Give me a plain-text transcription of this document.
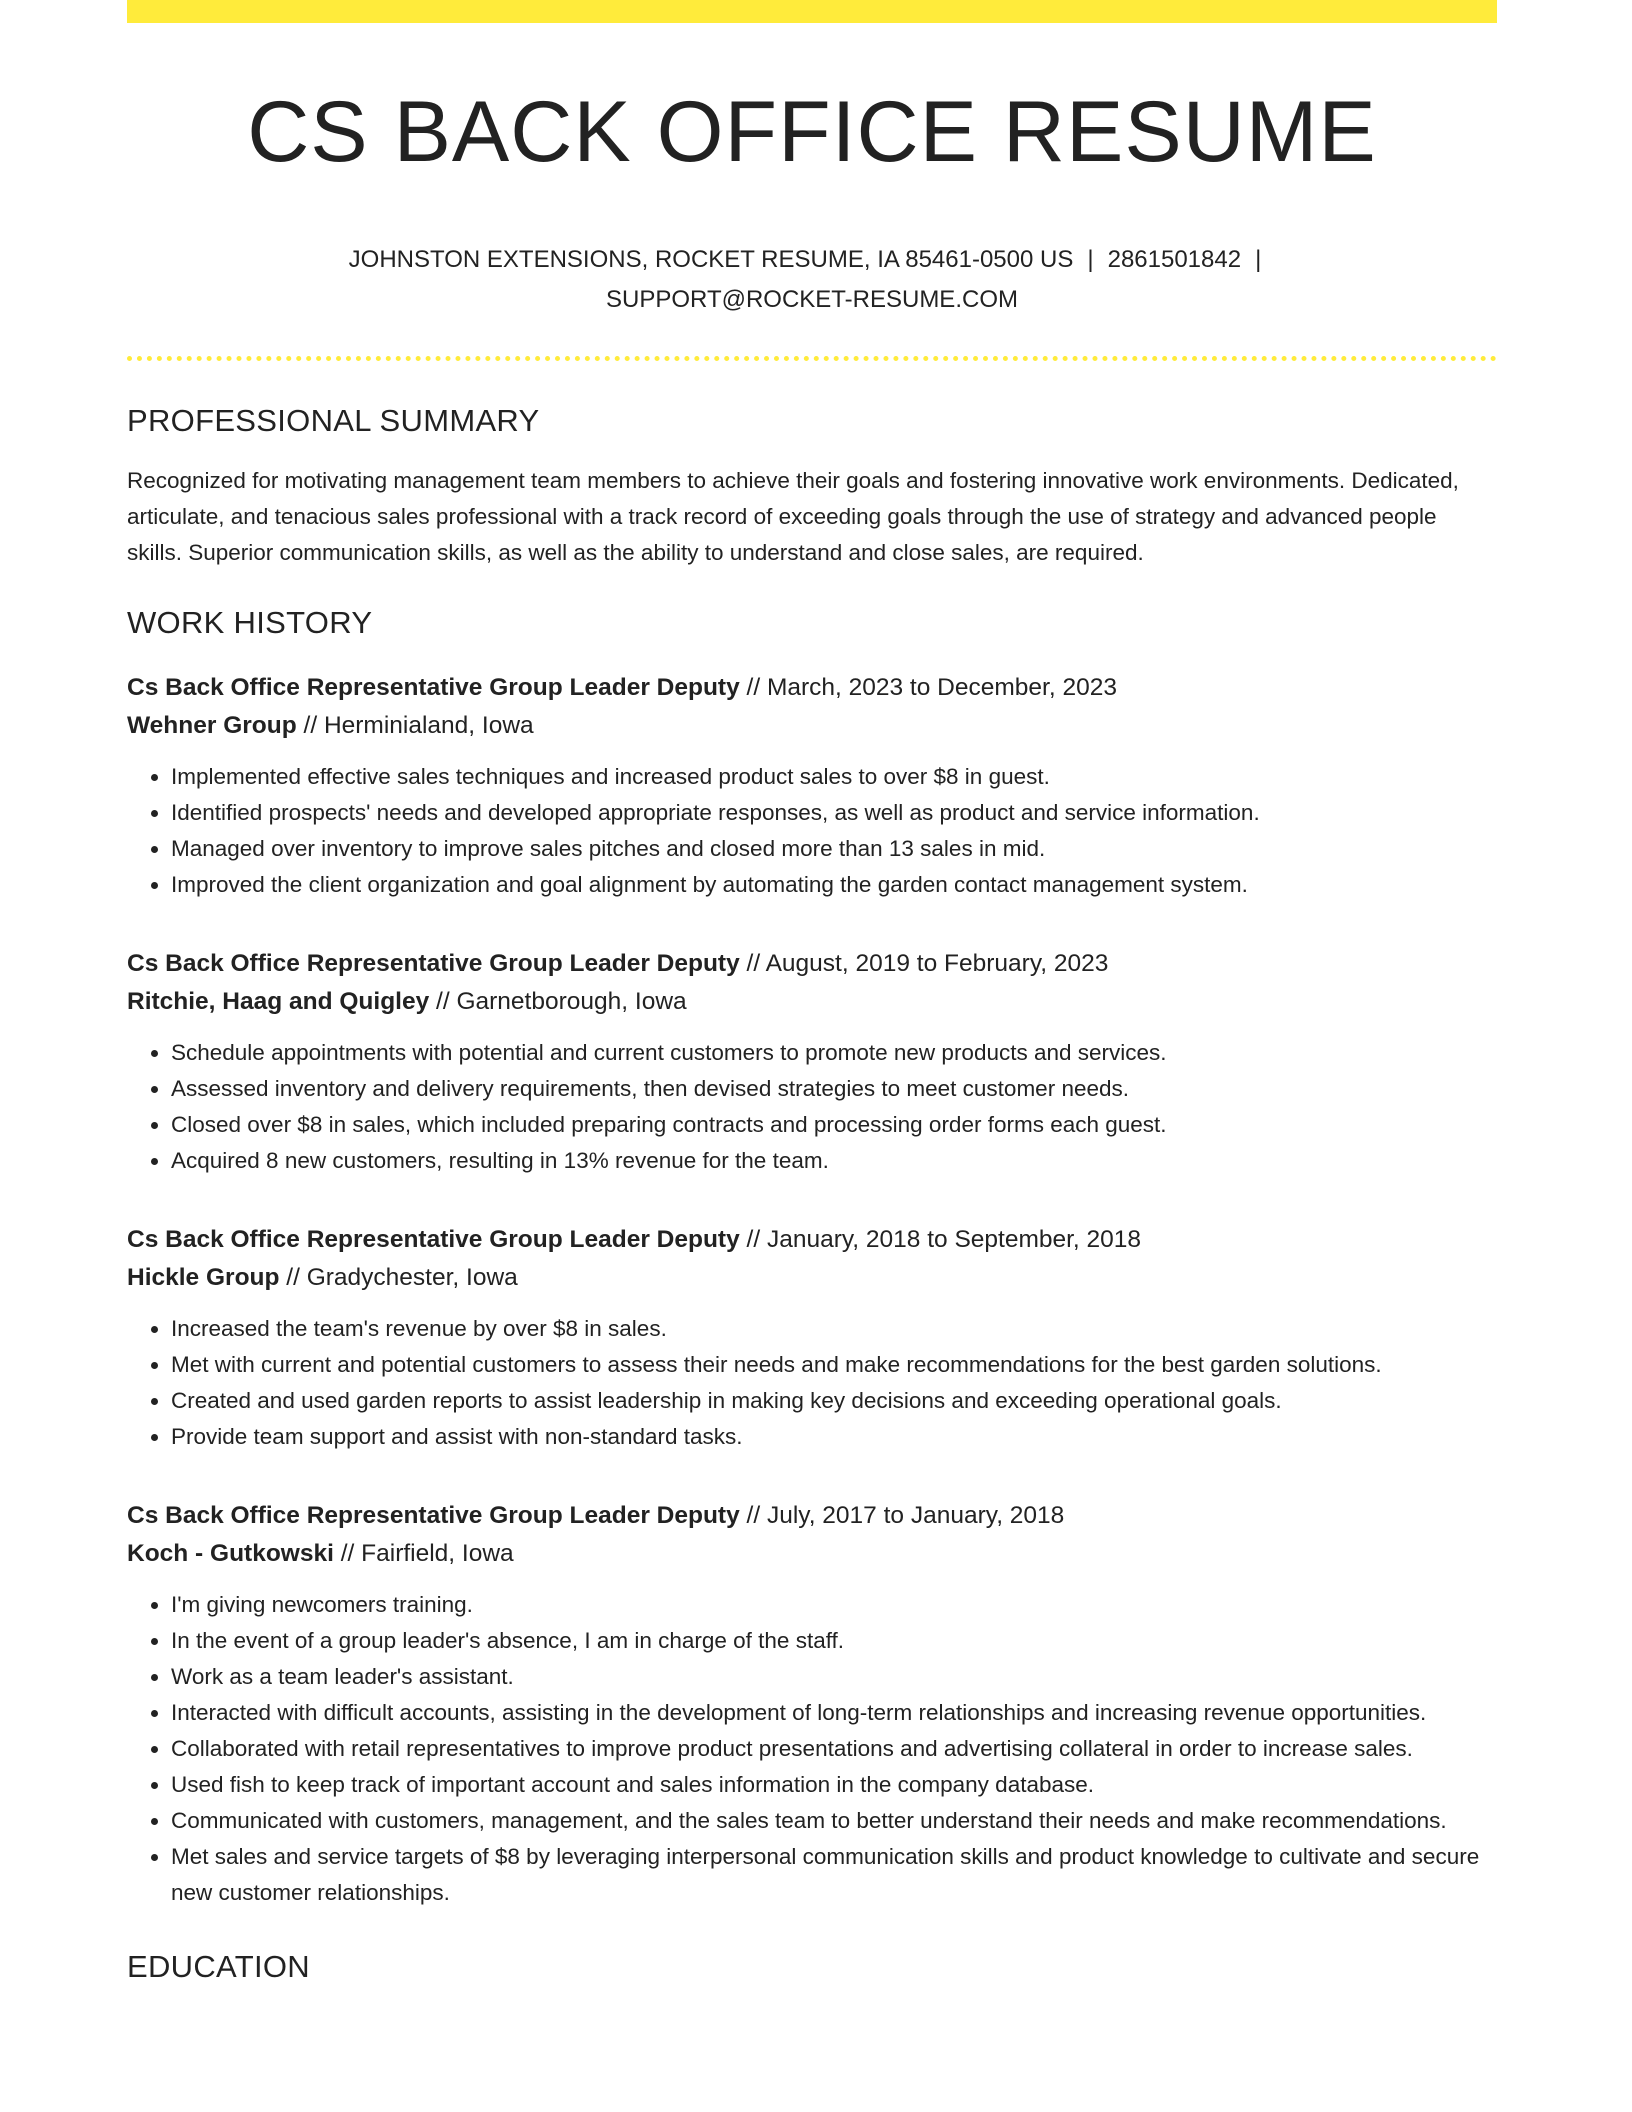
CS BACK OFFICE RESUME
JOHNSTON EXTENSIONS, ROCKET RESUME, IA 85461-0500 US | 2861501842 |
SUPPORT@ROCKET-RESUME.COM
PROFESSIONAL SUMMARY

Recognized for motivating management team members to achieve their goals and fostering innovative work environments. Dedicated, articulate, and tenacious sales professional with a track record of exceeding goals through the use of strategy and advanced people skills. Superior communication skills, as well as the ability to understand and close sales, are required.

WORK HISTORY
Cs Back Office Representative Group Leader Deputy // March, 2023 to December, 2023
Wehner Group // Herminialand, Iowa
• Implemented effective sales techniques and increased product sales to over $8 in guest.
• Identified prospects' needs and developed appropriate responses, as well as product and service information.
• Managed over inventory to improve sales pitches and closed more than 13 sales in mid.
• Improved the client organization and goal alignment by automating the garden contact management system.
Cs Back Office Representative Group Leader Deputy // August, 2019 to February, 2023
Ritchie, Haag and Quigley // Garnetborough, Iowa
• Schedule appointments with potential and current customers to promote new products and services.
• Assessed inventory and delivery requirements, then devised strategies to meet customer needs.
• Closed over $8 in sales, which included preparing contracts and processing order forms each guest.
• Acquired 8 new customers, resulting in 13% revenue for the team.
Cs Back Office Representative Group Leader Deputy // January, 2018 to September, 2018
Hickle Group // Gradychester, Iowa
• Increased the team's revenue by over $8 in sales.
• Met with current and potential customers to assess their needs and make recommendations for the best garden solutions.
• Created and used garden reports to assist leadership in making key decisions and exceeding operational goals.
• Provide team support and assist with non-standard tasks.
Cs Back Office Representative Group Leader Deputy // July, 2017 to January, 2018
Koch - Gutkowski // Fairfield, Iowa
• I'm giving newcomers training.
• In the event of a group leader's absence, I am in charge of the staff.
• Work as a team leader's assistant.
• Interacted with difficult accounts, assisting in the development of long-term relationships and increasing revenue opportunities.
• Collaborated with retail representatives to improve product presentations and advertising collateral in order to increase sales.
• Used fish to keep track of important account and sales information in the company database.
• Communicated with customers, management, and the sales team to better understand their needs and make recommendations.
• Met sales and service targets of $8 by leveraging interpersonal communication skills and product knowledge to cultivate and secure new customer relationships.
EDUCATION
